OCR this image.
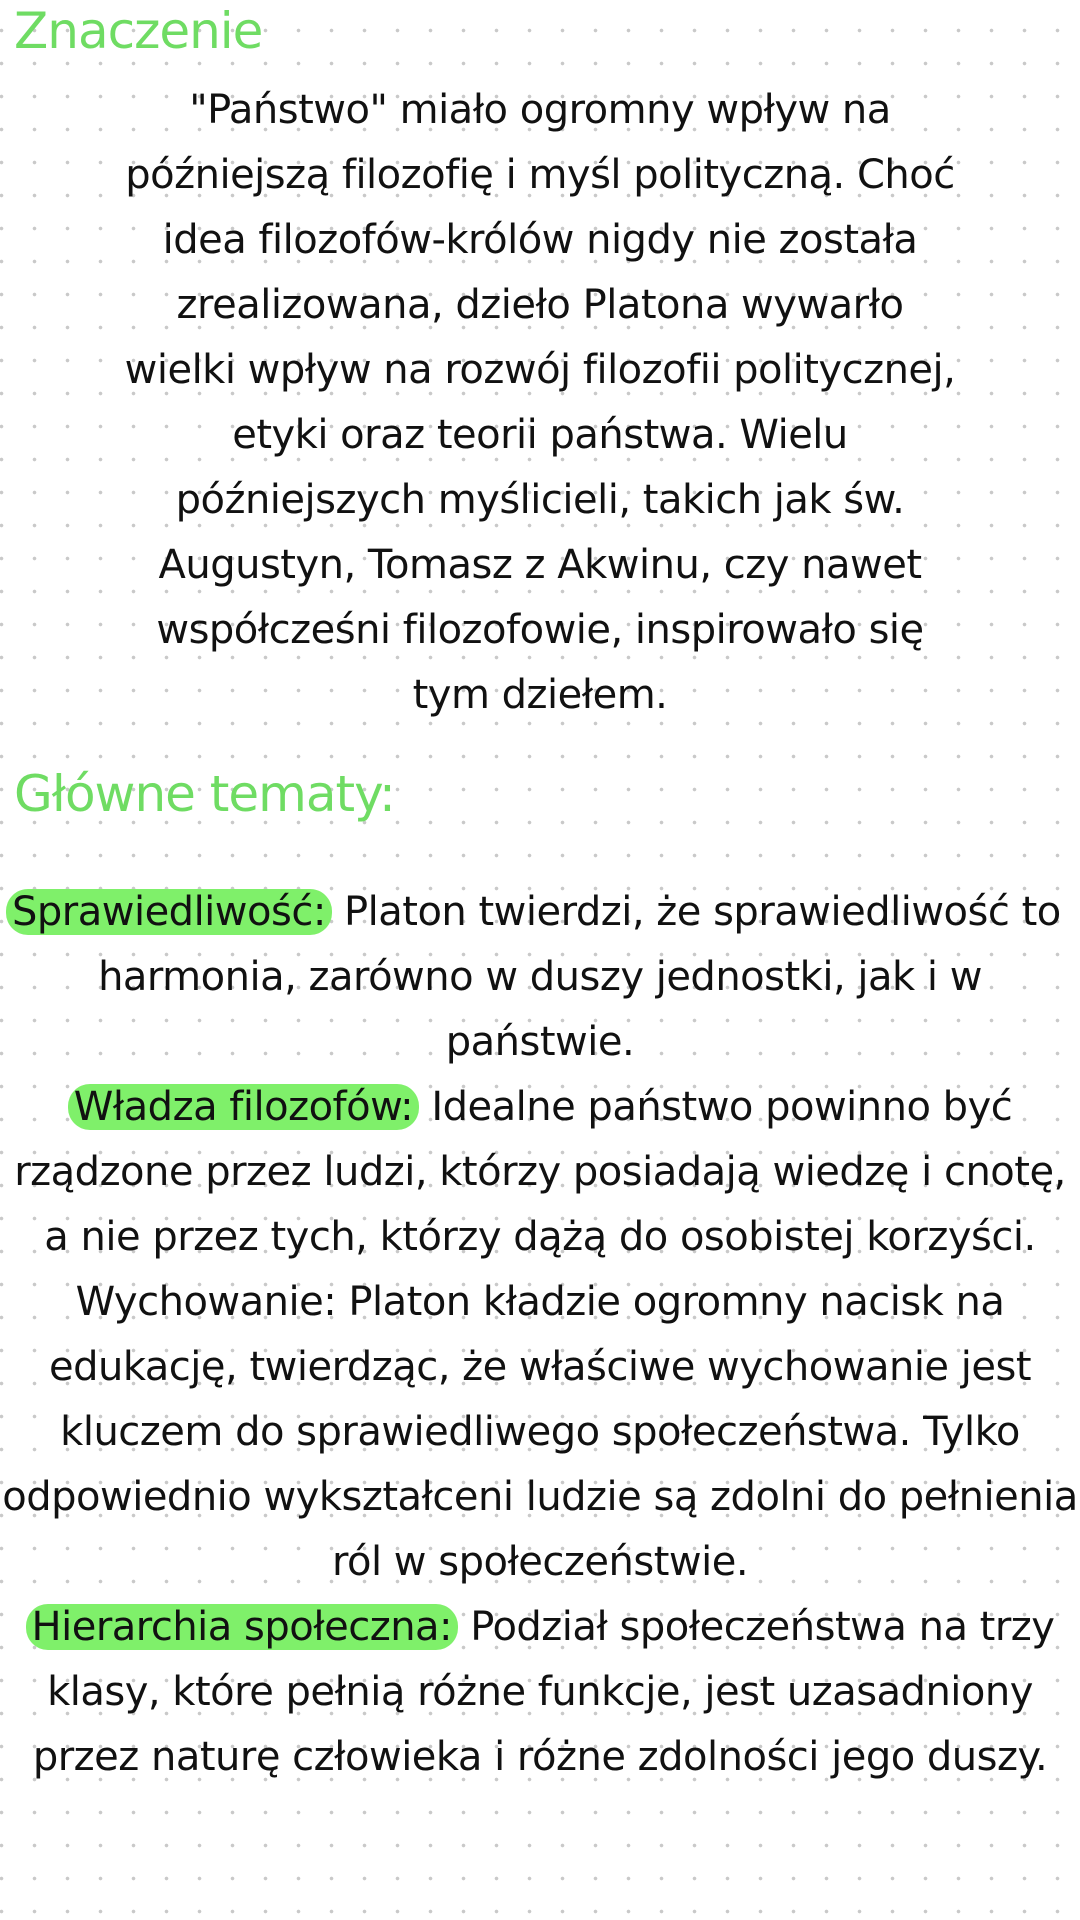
Znaczenie
"Państwo" miało ogromny wpływ na
późniejszą filozofię i myśl polityczną. Choć
idea filozofów-królów nigdy nie została
zrealizowana, dzieło Platona wywarło
wielki wpływ na rozwój filozofii politycznej,
etyki oraz teorii państwa. Wielu
późniejszych myślicieli, takich jak św.
Augustyn, Tomasz z Akwinu, czy nawet
współcześni filozofowie, inspirowało się
tym dziełem.
Główne tematy:
Sprawiedliwość: Platon twierdzi, że sprawiedliwość to
harmonia, zarówno w duszy jednostki, jak i w
państwie.
Władza filozofów: Idealne państwo powinno być
rządzone przez ludzi, którzy posiadają wiedzę i cnotę,
a nie przez tych, którzy dążą do osobistej korzyści.
Wychowanie: Platon kładzie ogromny nacisk na
edukację, twierdząc, że właściwe wychowanie jest
kluczem do sprawiedliwego społeczeństwa. Tylko
odpowiednio wykształceni ludzie są zdolni do pełnienia
ról w społeczeństwie.
Hierarchia społeczna: Podział społeczeństwa na trzy
klasy, które pełnią różne funkcje, jest uzasadniony
przez naturę człowieka i różne zdolności jego duszy.
